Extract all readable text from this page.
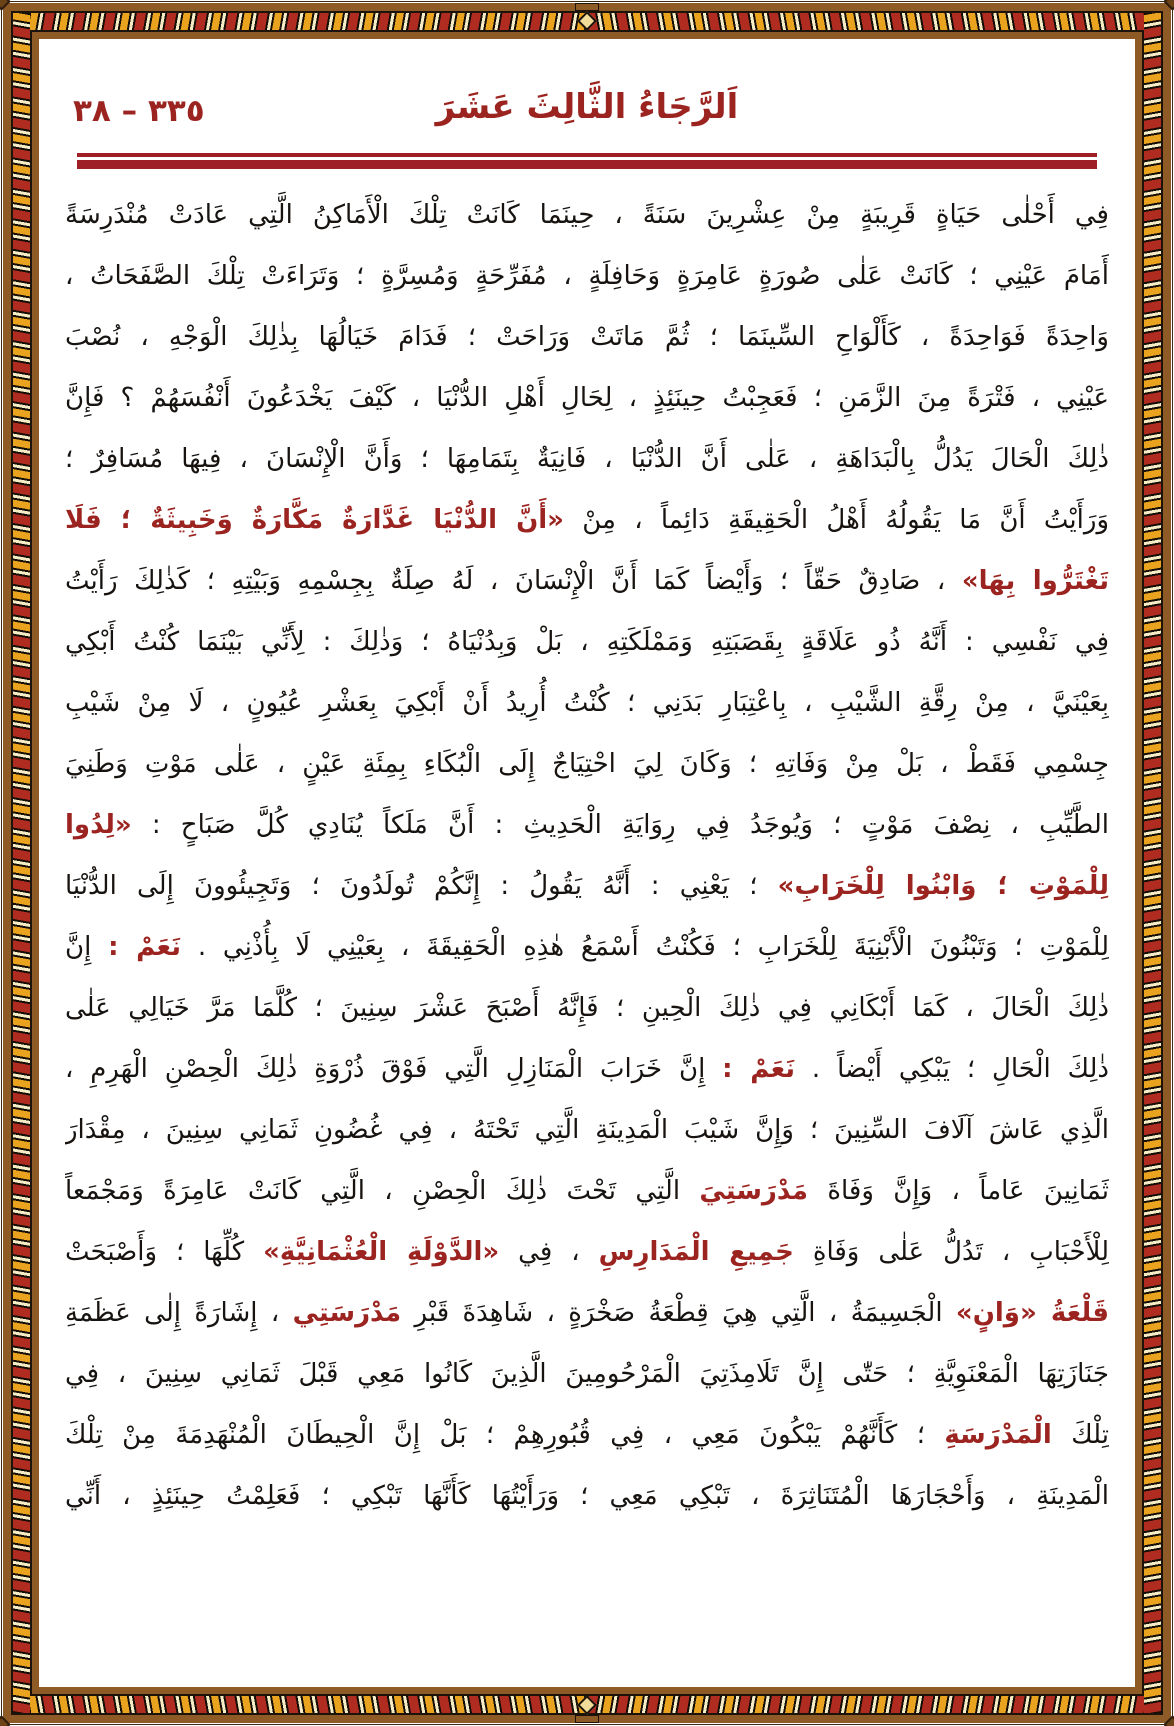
٣٣٥ – ٣٨	اَلرَّجَاءُ الثَّالِثَ عَشَرَ
فِي أَحْلٰى حَيَاةٍ قَرِيبَةٍ مِنْ عِشْرِينَ سَنَةً ، حِينَمَا كَانَتْ تِلْكَ الْأَمَاكِنُ الَّتِي عَادَتْ مُنْدَرِسَةً
أَمَامَ عَيْنِي ؛ كَانَتْ عَلٰى صُورَةٍ عَامِرَةٍ وَحَافِلَةٍ ، مُفَرِّحَةٍ وَمُسِرَّةٍ ؛ وَتَرَاءَتْ تِلْكَ الصَّفَحَاتُ ،
وَاحِدَةً فَوَاحِدَةً ، كَأَلْوَاحِ السِّينَمَا ؛ ثُمَّ مَاتَتْ وَرَاحَتْ ؛ فَدَامَ خَيَالُهَا بِذٰلِكَ الْوَجْهِ ، نُصْبَ
عَيْنِي ، فَتْرَةً مِنَ الزَّمَنِ ؛ فَعَجِبْتُ حِينَئِذٍ ، لِحَالِ أَهْلِ الدُّنْيَا ، كَيْفَ يَخْدَعُونَ أَنْفُسَهُمْ ؟ فَإِنَّ
ذٰلِكَ الْحَالَ يَدُلُّ بِالْبَدَاهَةِ ، عَلٰى أَنَّ الدُّنْيَا ، فَانِيَةٌ بِتَمَامِهَا ؛ وَأَنَّ الْإِنْسَانَ ، فِيهَا مُسَافِرٌ ؛
وَرَأَيْتُ أَنَّ مَا يَقُولُهُ أَهْلُ الْحَقِيقَةِ دَائِماً ، مِنْ «أَنَّ الدُّنْيَا غَدَّارَةٌ مَكَّارَةٌ وَخَبِيثَةٌ ؛ فَلَا
تَغْتَرُّوا بِهَا» ، صَادِقٌ حَقّاً ؛ وَأَيْضاً كَمَا أَنَّ الْإِنْسَانَ ، لَهُ صِلَةٌ بِجِسْمِهِ وَبَيْتِهِ ؛ كَذٰلِكَ رَأَيْتُ
فِي نَفْسِي : أَنَّهُ ذُو عَلَاقَةٍ بِقَصَبَتِهِ وَمَمْلَكَتِهِ ، بَلْ وَبِدُنْيَاهُ ؛ وَذٰلِكَ : لِأَنِّي بَيْنَمَا كُنْتُ أَبْكِي
بِعَيْنَيَّ ، مِنْ رِقَّةِ الشَّيْبِ ، بِاعْتِبَارِ بَدَنِي ؛ كُنْتُ أُرِيدُ أَنْ أَبْكِيَ بِعَشْرِ عُيُونٍ ، لَا مِنْ شَيْبِ
جِسْمِي فَقَطْ ، بَلْ مِنْ وَفَاتِهِ ؛ وَكَانَ لِيَ احْتِيَاجٌ إِلَى الْبُكَاءِ بِمِئَةِ عَيْنٍ ، عَلٰى مَوْتِ وَطَنِيَ
الطَّيِّبِ ، نِصْفَ مَوْتٍ ؛ وَيُوجَدُ فِي رِوَايَةِ الْحَدِيثِ : أَنَّ مَلَكاً يُنَادِي كُلَّ صَبَاحٍ : «لِدُوا
لِلْمَوْتِ ؛ وَابْنُوا لِلْخَرَابِ» ؛ يَعْنِي : أَنَّهُ يَقُولُ : إِنَّكُمْ تُولَدُونَ ؛ وَتَجِيئُوونَ إِلَى الدُّنْيَا
لِلْمَوْتِ ؛ وَتَبْنُونَ الْأَبْنِيَةَ لِلْخَرَابِ ؛ فَكُنْتُ أَسْمَعُ هٰذِهِ الْحَقِيقَةَ ، بِعَيْنِي لَا بِأُذْنِي . نَعَمْ : إِنَّ
ذٰلِكَ الْحَالَ ، كَمَا أَبْكَانِي فِي ذٰلِكَ الْحِينِ ؛ فَإِنَّهُ أَصْبَحَ عَشْرَ سِنِينَ ؛ كُلَّمَا مَرَّ خَيَالِي عَلٰى
ذٰلِكَ الْحَالِ ؛ يَبْكِي أَيْضاً . نَعَمْ : إِنَّ خَرَابَ الْمَنَازِلِ الَّتِي فَوْقَ ذُرْوَةِ ذٰلِكَ الْحِصْنِ الْهَرِمِ ،
الَّذِي عَاشَ آلَافَ السِّنِينَ ؛ وَإِنَّ شَيْبَ الْمَدِينَةِ الَّتِي تَحْتَهُ ، فِي غُضُونِ ثَمَانِي سِنِينَ ، مِقْدَارَ
ثَمَانِينَ عَاماً ، وَإِنَّ وَفَاةَ مَدْرَسَتِيَ الَّتِي تَحْتَ ذٰلِكَ الْحِصْنِ ، الَّتِي كَانَتْ عَامِرَةً وَمَجْمَعاً
لِلْأَحْبَابِ ، تَدُلُّ عَلٰى وَفَاةِ جَمِيعِ الْمَدَارِسِ ، فِي «الدَّوْلَةِ الْعُثْمَانِيَّةِ» كُلِّهَا ؛ وَأَصْبَحَتْ
قَلْعَةُ «وَانٍ» الْجَسِيمَةُ ، الَّتِي هِيَ قِطْعَةُ صَخْرَةٍ ، شَاهِدَةَ قَبْرِ مَدْرَسَتِي ، إِشَارَةً إِلٰى عَظَمَةِ
جَنَازَتِهَا الْمَعْنَوِيَّةِ ؛ حَتّٰى إِنَّ تَلَامِذَتِيَ الْمَرْحُومِينَ الَّذِينَ كَانُوا مَعِي قَبْلَ ثَمَانِي سِنِينَ ، فِي
تِلْكَ الْمَدْرَسَةِ ؛ كَأَنَّهُمْ يَبْكُونَ مَعِي ، فِي قُبُورِهِمْ ؛ بَلْ إِنَّ الْحِيطَانَ الْمُنْهَدِمَةَ مِنْ تِلْكَ
الْمَدِينَةِ ، وَأَحْجَارَهَا الْمُتَنَاثِرَةَ ، تَبْكِي مَعِي ؛ وَرَأَيْتُهَا كَأَنَّهَا تَبْكِي ؛ فَعَلِمْتُ حِينَئِذٍ ، أَنِّي
